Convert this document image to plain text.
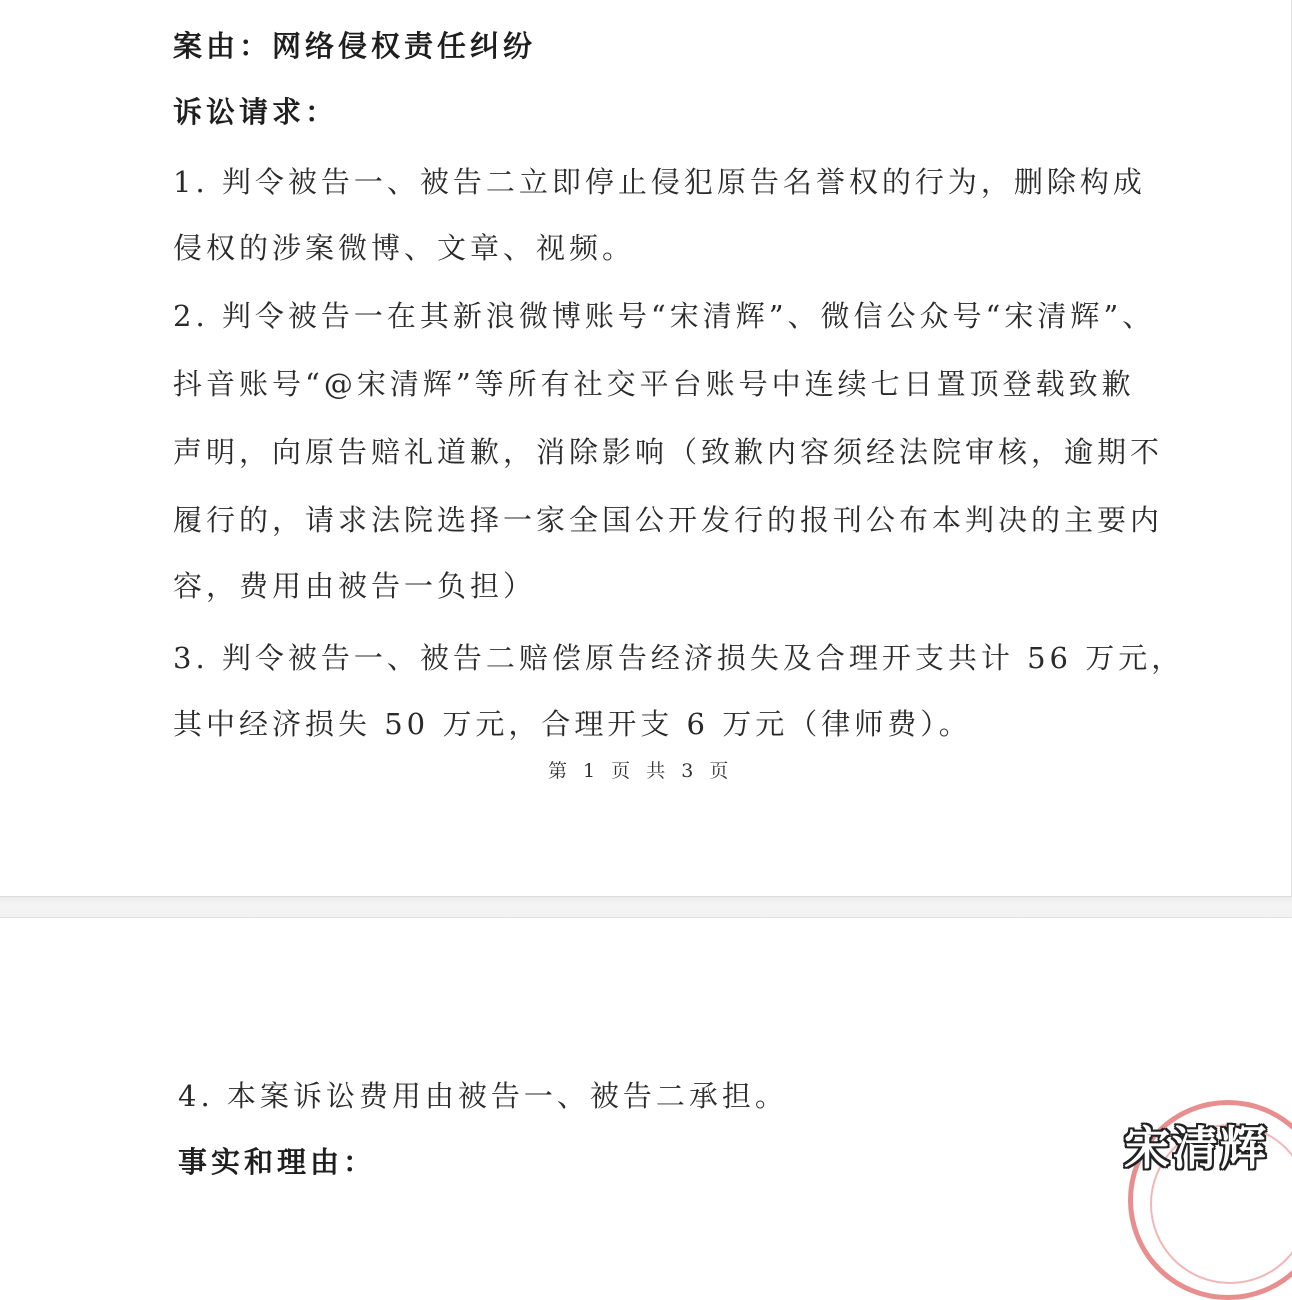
案由：网络侵权责任纠纷
诉讼请求：
1. 判令被告一、被告二立即停止侵犯原告名誉权的行为，删除构成
侵权的涉案微博、文章、视频。
2. 判令被告一在其新浪微博账号“宋清辉”、微信公众号“宋清辉”、
抖音账号“@宋清辉”等所有社交平台账号中连续七日置顶登载致歉
声明，向原告赔礼道歉，消除影响（致歉内容须经法院审核，逾期不
履行的，请求法院选择一家全国公开发行的报刊公布本判决的主要内
容，费用由被告一负担）
3. 判令被告一、被告二赔偿原告经济损失及合理开支共计 56 万元，
其中经济损失 50 万元，合理开支 6 万元（律师费）。
第 1 页 共 3 页
4. 本案诉讼费用由被告一、被告二承担。
事实和理由：	宋清辉
